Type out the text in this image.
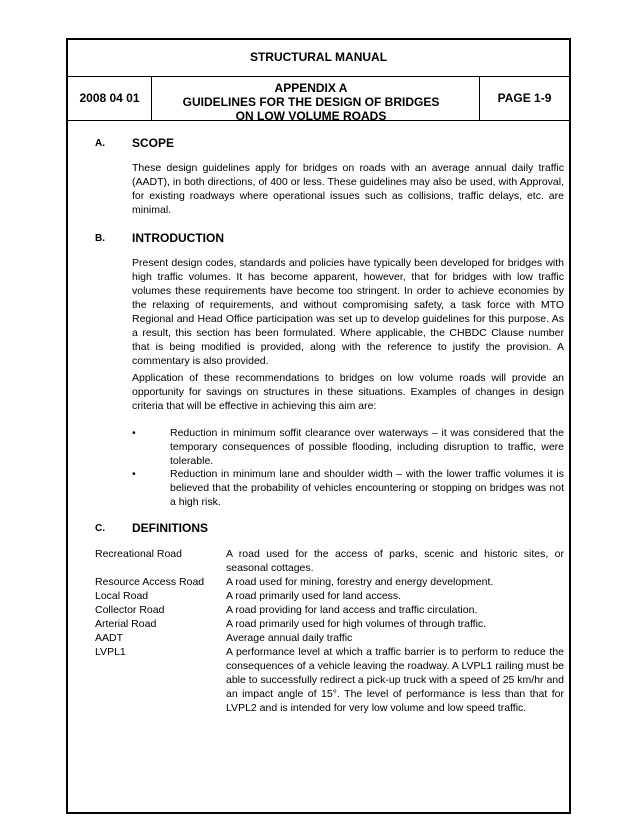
STRUCTURAL MANUAL
2008 04 01
APPENDIX A
GUIDELINES FOR THE DESIGN OF BRIDGES
ON LOW VOLUME ROADS
PAGE 1-9
A. SCOPE
These design guidelines apply for bridges on roads with an average annual daily traffic (AADT), in both directions, of 400 or less. These guidelines may also be used, with Approval, for existing roadways where operational issues such as collisions, traffic delays, etc. are minimal.
B. INTRODUCTION
Present design codes, standards and policies have typically been developed for bridges with high traffic volumes. It has become apparent, however, that for bridges with low traffic volumes these requirements have become too stringent. In order to achieve economies by the relaxing of requirements, and without compromising safety, a task force with MTO Regional and Head Office participation was set up to develop guidelines for this purpose. As a result, this section has been formulated. Where applicable, the CHBDC Clause number that is being modified is provided, along with the reference to justify the provision. A commentary is also provided.
Application of these recommendations to bridges on low volume roads will provide an opportunity for savings on structures in these situations. Examples of changes in design criteria that will be effective in achieving this aim are:
•	Reduction in minimum soffit clearance over waterways – it was considered that the temporary consequences of possible flooding, including disruption to traffic, were tolerable.
•	Reduction in minimum lane and shoulder width – with the lower traffic volumes it is believed that the probability of vehicles encountering or stopping on bridges was not a high risk.
C. DEFINITIONS
Recreational Road	A road used for the access of parks, scenic and historic sites, or seasonal cottages.
Resource Access Road	A road used for mining, forestry and energy development.
Local Road	A road primarily used for land access.
Collector Road	A road providing for land access and traffic circulation.
Arterial Road	A road primarily used for high volumes of through traffic.
AADT	Average annual daily traffic
LVPL1	A performance level at which a traffic barrier is to perform to reduce the consequences of a vehicle leaving the roadway. A LVPL1 railing must be able to successfully redirect a pick-up truck with a speed of 25 km/hr and an impact angle of 15°. The level of performance is less than that for LVPL2 and is intended for very low volume and low speed traffic.
